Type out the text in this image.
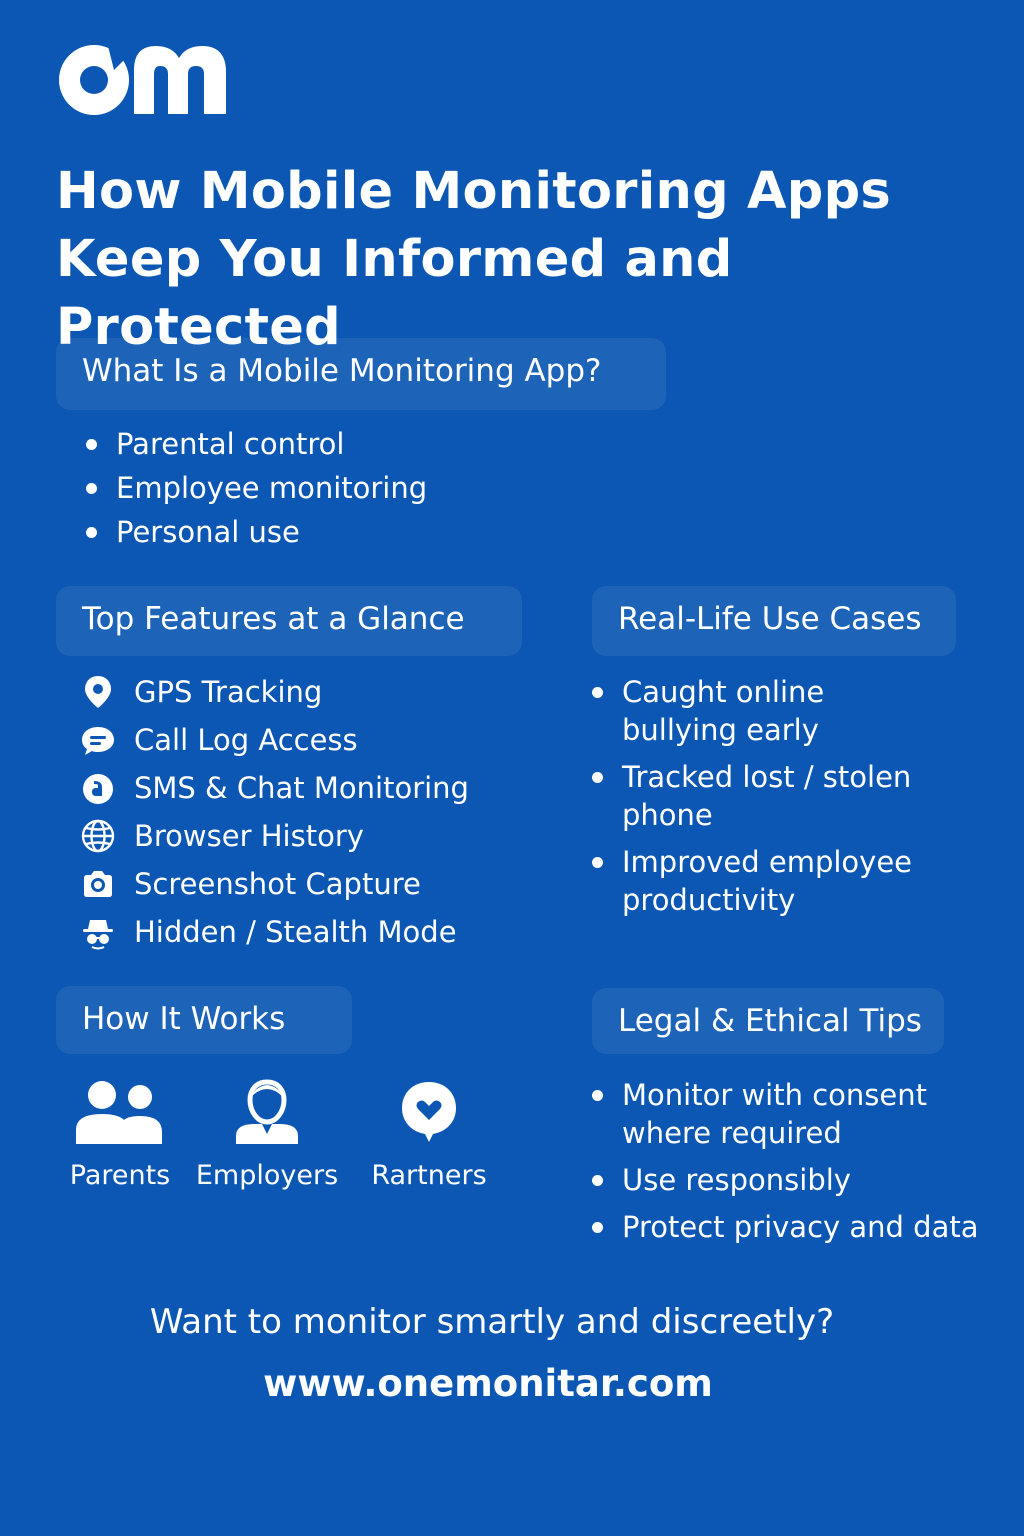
How Mobile Monitoring Apps
Keep You Informed and Protected
What Is a Mobile Monitoring App?
Parental control
Employee monitoring
Personal use
Top Features at a Glance
GPS Tracking
Call Log Access
SMS & Chat Monitoring
Browser History
Screenshot Capture
Hidden / Stealth Mode
Real-Life Use Cases
Caught online
bullying early
Tracked lost / stolen
phone
Improved employee
productivity
How It Works
Parents Employers	Rartners
Legal & Ethical Tips
Monitor with consent
where required
Use responsibly
Protect privacy and data
Want to monitor smartly and discreetly?
www.onemonitar.com
